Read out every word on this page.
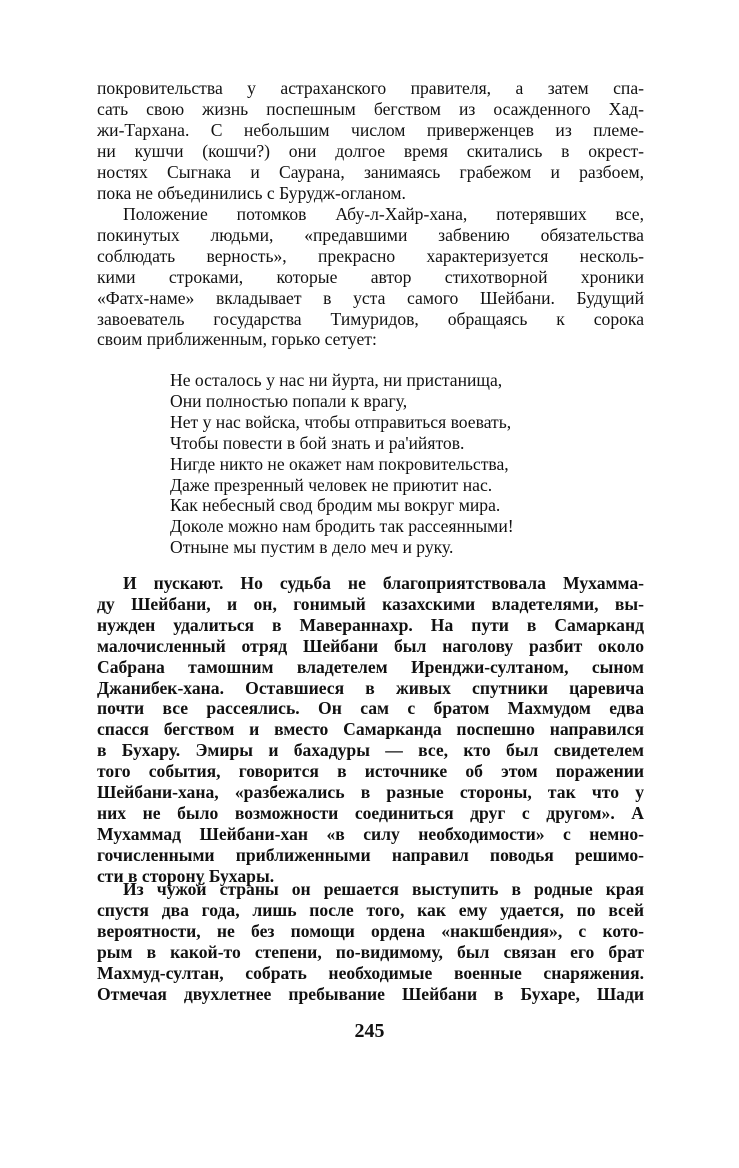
покровительства у астраханского правителя, а затем спа-
сать свою жизнь поспешным бегством из осажденного Хад-
жи-Тархана. С небольшим числом приверженцев из племе-
ни кушчи (кошчи?) они долгое время скитались в окрест-
ностях Сыгнака и Саурана, занимаясь грабежом и разбоем,
пока не объединились с Бурудж-огланом.
Положение потомков Абу-л-Хайр-хана, потерявших все,
покинутых людьми, «предавшими забвению обязательства
соблюдать верность», прекрасно характеризуется несколь-
кими строками, которые автор стихотворной хроники
«Фатх-наме» вкладывает в уста самого Шейбани. Будущий
завоеватель государства Тимуридов, обращаясь к сорока
своим приближенным, горько сетует:
Не осталось у нас ни йурта, ни пристанища,
Они полностью попали к врагу,
Нет у нас войска, чтобы отправиться воевать,
Чтобы повести в бой знать и ра'ийятов.
Нигде никто не окажет нам покровительства,
Даже презренный человек не приютит нас.
Как небесный свод бродим мы вокруг мира.
Доколе можно нам бродить так рассеянными!
Отныне мы пустим в дело меч и руку.
И пускают. Но судьба не благоприятствовала Мухамма-
ду Шейбани, и он, гонимый казахскими владетелями, вы-
нужден удалиться в Мавераннахр. На пути в Самарканд
малочисленный отряд Шейбани был наголову разбит около
Сабрана тамошним владетелем Иренджи-султаном, сыном
Джанибек-хана. Оставшиеся в живых спутники царевича
почти все рассеялись. Он сам с братом Махмудом едва
спасся бегством и вместо Самарканда поспешно направился
в Бухару. Эмиры и бахадуры — все, кто был свидетелем
того события, говорится в источнике об этом поражении
Шейбани-хана, «разбежались в разные стороны, так что у
них не было возможности соединиться друг с другом». А
Мухаммад Шейбани-хан «в силу необходимости» с немно-
гочисленными приближенными направил поводья решимо-
сти в сторону Бухары.
Из чужой страны он решается выступить в родные края
спустя два года, лишь после того, как ему удается, по всей
вероятности, не без помощи ордена «накшбендия», с кото-
рым в какой-то степени, по-видимому, был связан его брат
Махмуд-султан, собрать необходимые военные снаряжения.
Отмечая двухлетнее пребывание Шейбани в Бухаре, Шади
245
